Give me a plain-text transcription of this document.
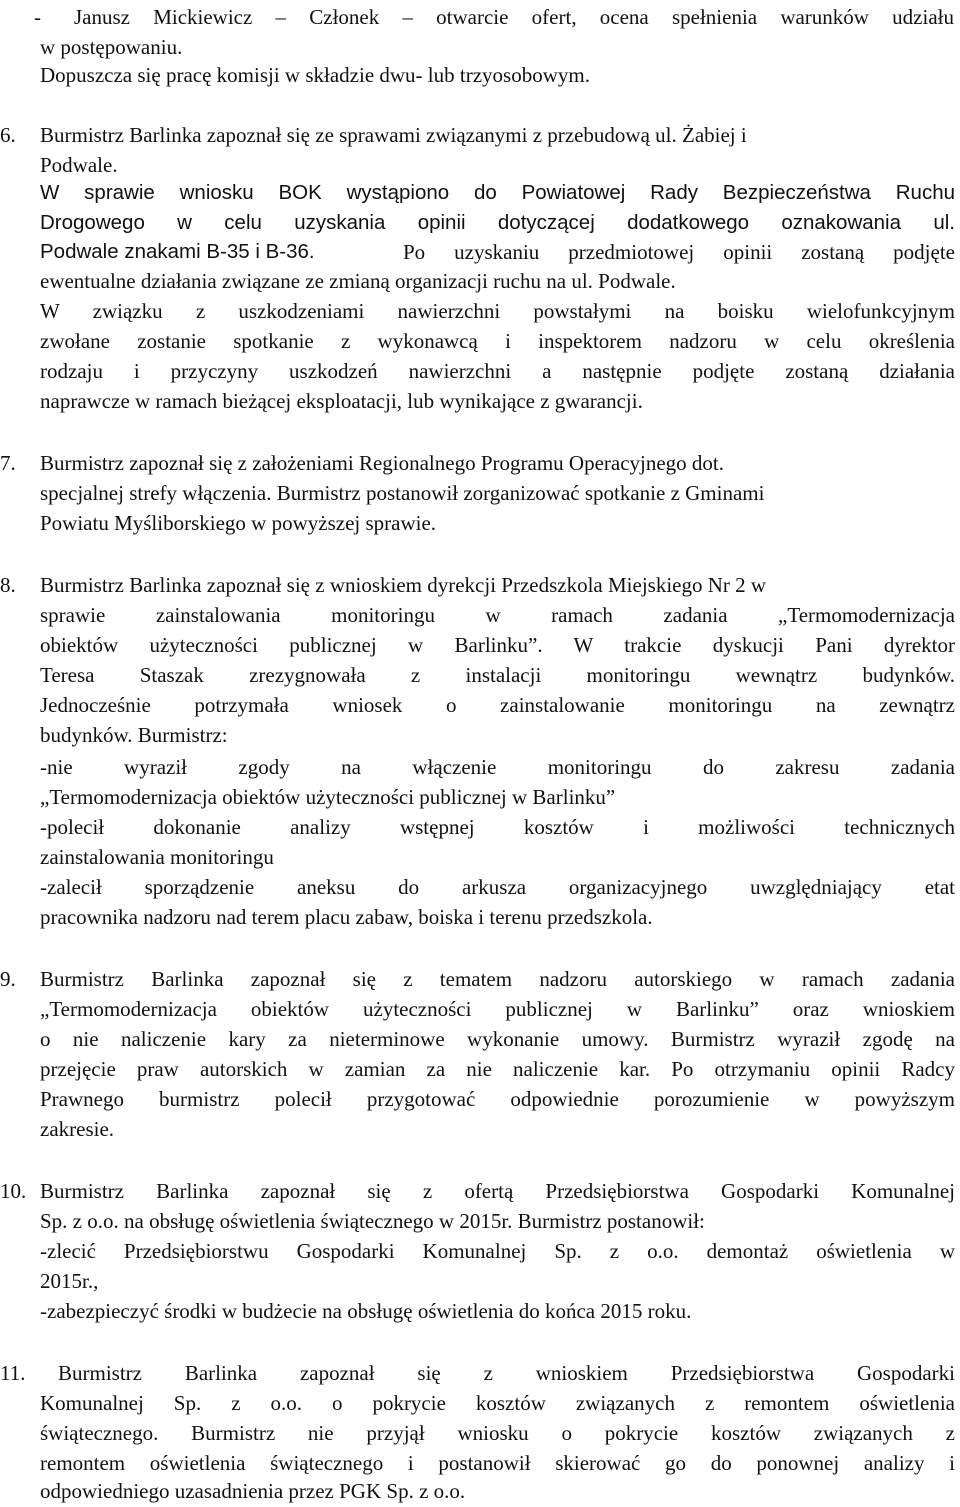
- Janusz Mickiewicz – Członek – otwarcie ofert, ocena spełnienia warunków udziału

w postępowaniu.

Dopuszcza się pracę komisji w składzie dwu- lub trzyosobowym.

6.	Burmistrz Barlinka zapoznał się ze sprawami związanymi z przebudową ul. Żabiej i

Podwale.

W sprawie wniosku BOK wystąpiono do Powiatowej Rady Bezpieczeństwa Ruchu

Drogowego w celu uzyskania opinii dotyczącej dodatkowego oznakowania ul.

Podwale znakami B-35 i B-36.	Po uzyskaniu przedmiotowej opinii zostaną podjęte

ewentualne działania związane ze zmianą organizacji ruchu na ul. Podwale.

W związku z uszkodzeniami nawierzchni powstałymi na boisku wielofunkcyjnym

zwołane zostanie spotkanie z wykonawcą i inspektorem nadzoru w celu określenia

rodzaju i przyczyny uszkodzeń nawierzchni a następnie podjęte zostaną działania

naprawcze w ramach bieżącej eksploatacji, lub wynikające z gwarancji.

7.	Burmistrz zapoznał się z założeniami Regionalnego Programu Operacyjnego dot.

specjalnej strefy włączenia. Burmistrz postanowił zorganizować spotkanie z Gminami

Powiatu Myśliborskiego w powyższej sprawie.

8.	Burmistrz Barlinka zapoznał się z wnioskiem dyrekcji Przedszkola Miejskiego Nr 2 w

sprawie zainstalowania monitoringu w ramach zadania „Termomodernizacja

obiektów użyteczności publicznej w Barlinku”. W trakcie dyskucji Pani dyrektor

Teresa Staszak zrezygnowała z instalacji monitoringu wewnątrz budynków.

Jednocześnie potrzymała wniosek o zainstalowanie monitoringu na zewnątrz

budynków. Burmistrz:

-nie wyraził zgody na włączenie monitoringu do zakresu zadania

„Termomodernizacja obiektów użyteczności publicznej w Barlinku”

-polecił dokonanie analizy wstępnej kosztów i możliwości technicznych

zainstalowania monitoringu

-zalecił sporządzenie aneksu do arkusza organizacyjnego uwzględniający etat

pracownika nadzoru nad terem placu zabaw, boiska i terenu przedszkola.

9.	Burmistrz Barlinka zapoznał się z tematem nadzoru autorskiego w ramach zadania

„Termomodernizacja obiektów użyteczności publicznej w Barlinku” oraz wnioskiem

o nie naliczenie kary za nieterminowe wykonanie umowy. Burmistrz wyraził zgodę na

przejęcie praw autorskich w zamian za nie naliczenie kar. Po otrzymaniu opinii Radcy

Prawnego burmistrz polecił przygotować odpowiednie porozumienie w powyższym

zakresie.

10. Burmistrz Barlinka zapoznał się z ofertą Przedsiębiorstwa Gospodarki Komunalnej

Sp. z o.o. na obsługę oświetlenia świątecznego w 2015r. Burmistrz postanowił:

-zlecić Przedsiębiorstwu Gospodarki Komunalnej Sp. z o.o. demontaż oświetlenia w

2015r.,

-zabezpieczyć środki w budżecie na obsługę oświetlenia do końca 2015 roku.

11.	Burmistrz Barlinka zapoznał się z wnioskiem Przedsiębiorstwa Gospodarki

Komunalnej Sp. z o.o. o pokrycie kosztów związanych z remontem oświetlenia

świątecznego. Burmistrz nie przyjął wniosku o pokrycie kosztów związanych z

remontem oświetlenia świątecznego i postanowił skierować go do ponownej analizy i

odpowiedniego uzasadnienia przez PGK Sp. z o.o.
